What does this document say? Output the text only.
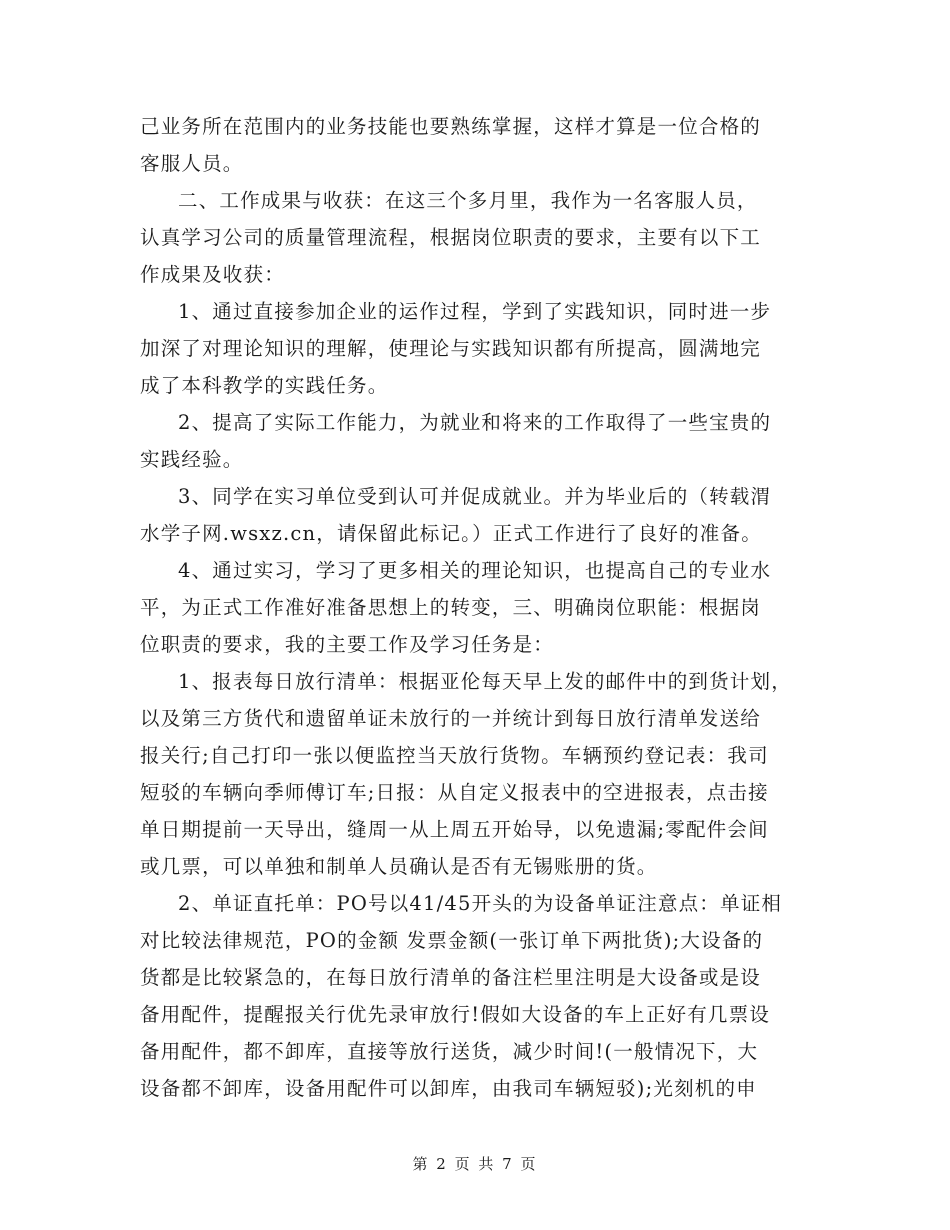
己业务所在范围内的业务技能也要熟练掌握，这样才算是一位合格的

客服人员。

二、工作成果与收获：在这三个多月里，我作为一名客服人员，

认真学习公司的质量管理流程，根据岗位职责的要求，主要有以下工

作成果及收获：

1、通过直接参加企业的运作过程，学到了实践知识，同时进一步

加深了对理论知识的理解，使理论与实践知识都有所提高，圆满地完

成了本科教学的实践任务。

2、提高了实际工作能力，为就业和将来的工作取得了一些宝贵的

实践经验。

3、同学在实习单位受到认可并促成就业。并为毕业后的（转载渭

水学子网.wsxz.cn，请保留此标记。）正式工作进行了良好的准备。

4、通过实习，学习了更多相关的理论知识，也提高自己的专业水

平，为正式工作准好准备思想上的转变，三、明确岗位职能：根据岗

位职责的要求，我的主要工作及学习任务是：

1、报表每日放行清单：根据亚伦每天早上发的邮件中的到货计划，

以及第三方货代和遗留单证未放行的一并统计到每日放行清单发送给

报关行;自己打印一张以便监控当天放行货物。车辆预约登记表：我司

短驳的车辆向季师傅订车;日报：从自定义报表中的空进报表，点击接

单日期提前一天导出，缝周一从上周五开始导，以免遗漏;零配件会间

或几票，可以单独和制单人员确认是否有无锡账册的货。

2、单证直托单：PO号以41/45开头的为设备单证注意点：单证相

对比较法律规范，PO的金额 发票金额(一张订单下两批货);大设备的

货都是比较紧急的，在每日放行清单的备注栏里注明是大设备或是设

备用配件，提醒报关行优先录审放行!假如大设备的车上正好有几票设

备用配件，都不卸库，直接等放行送货，减少时间!(一般情况下，大

设备都不卸库，设备用配件可以卸库，由我司车辆短驳);光刻机的申

第 2 页 共 7 页
